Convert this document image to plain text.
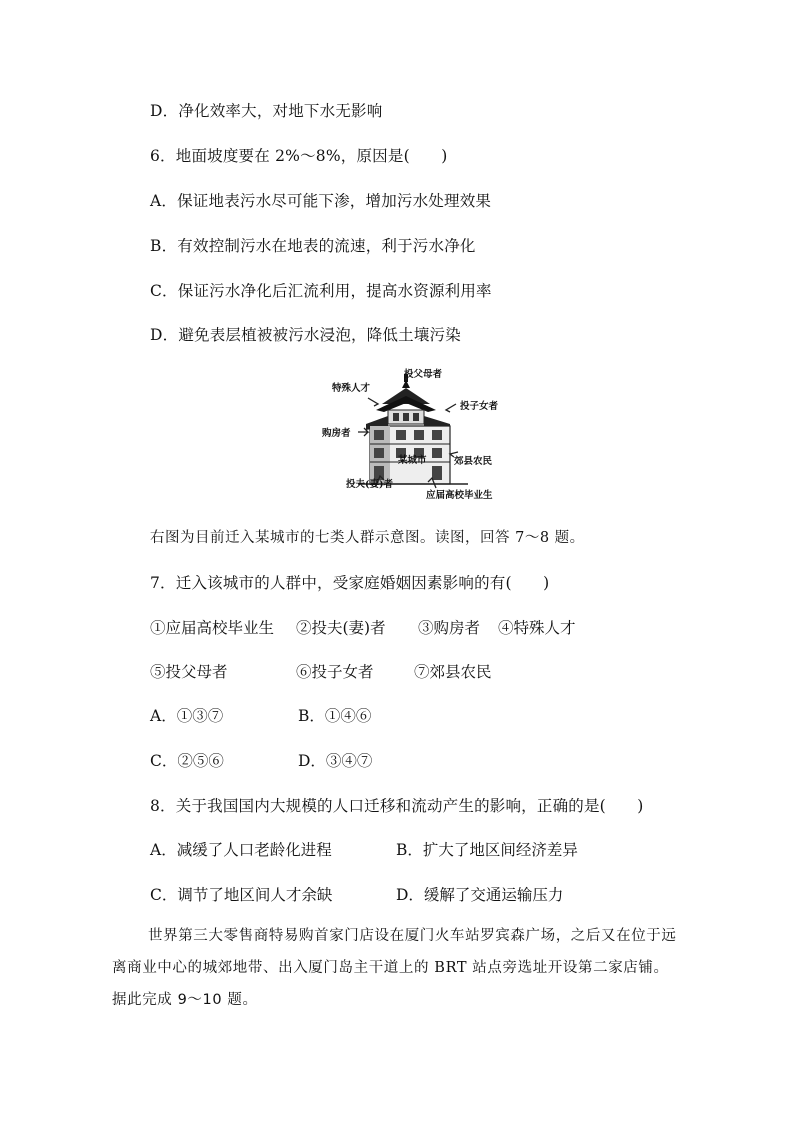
D．净化效率大，对地下水无影响
6．地面坡度要在 2%～8%，原因是(　　)
A．保证地表污水尽可能下渗，增加污水处理效果
B．有效控制污水在地表的流速，利于污水净化
C．保证污水净化后汇流利用，提高水资源利用率
D．避免表层植被被污水浸泡，降低土壤污染
投父母者
特殊人才
投子女者
购房者
某城市	郊县农民
投夫(妻)者
应届高校毕业生
右图为目前迁入某城市的七类人群示意图。读图，回答 7～8 题。
7．迁入该城市的人群中，受家庭婚姻因素影响的有(　　)
①应届高校毕业生 ②投夫(妻)者 ③购房者 ④特殊人才
⑤投父母者	⑥投子女者	⑦郊县农民
A．①③⑦	B．①④⑥
C．②⑤⑥	D．③④⑦
8．关于我国国内大规模的人口迁移和流动产生的影响，正确的是(　　)
A．减缓了人口老龄化进程	B．扩大了地区间经济差异
C．调节了地区间人才余缺	D．缓解了交通运输压力
世界第三大零售商特易购首家门店设在厦门火车站罗宾森广场，之后又在位于远离商业中心的城郊地带、出入厦门岛主干道上的 BRT 站点旁选址开设第二家店铺。据此完成 9～10 题。
